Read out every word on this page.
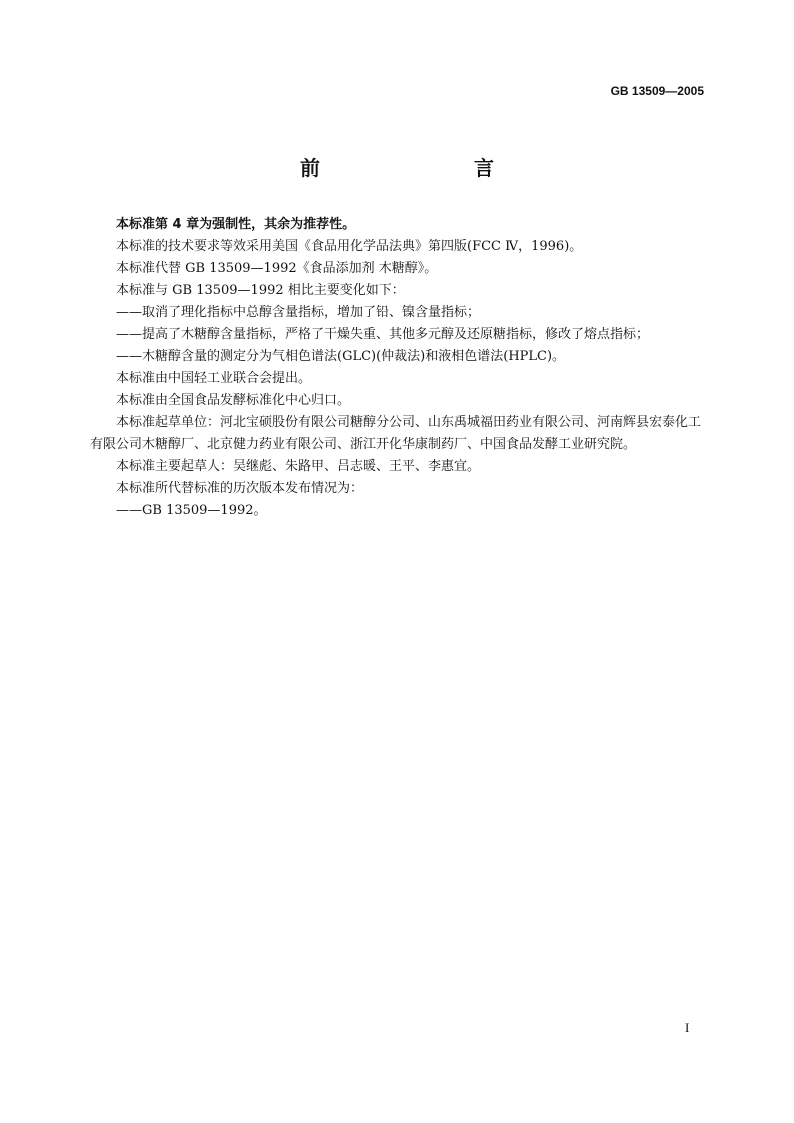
GB 13509—2005
前　　言

本标准第 4 章为强制性，其余为推荐性。

本标准的技术要求等效采用美国《食品用化学品法典》第四版(FCC Ⅳ，1996)。

本标准代替 GB 13509—1992《食品添加剂 木糖醇》。

本标准与 GB 13509—1992 相比主要变化如下：

——取消了理化指标中总醇含量指标，增加了铅、镍含量指标；

——提高了木糖醇含量指标，严格了干燥失重、其他多元醇及还原糖指标，修改了熔点指标；

——木糖醇含量的测定分为气相色谱法(GLC)(仲裁法)和液相色谱法(HPLC)。

本标准由中国轻工业联合会提出。

本标准由全国食品发酵标准化中心归口。

本标准起草单位：河北宝硕股份有限公司糖醇分公司、山东禹城福田药业有限公司、河南辉县宏泰化工有限公司木糖醇厂、北京健力药业有限公司、浙江开化华康制药厂、中国食品发酵工业研究院。

本标准主要起草人：吴继彪、朱路甲、吕志暖、王平、李惠宜。

本标准所代替标准的历次版本发布情况为：

——GB 13509—1992。

I
